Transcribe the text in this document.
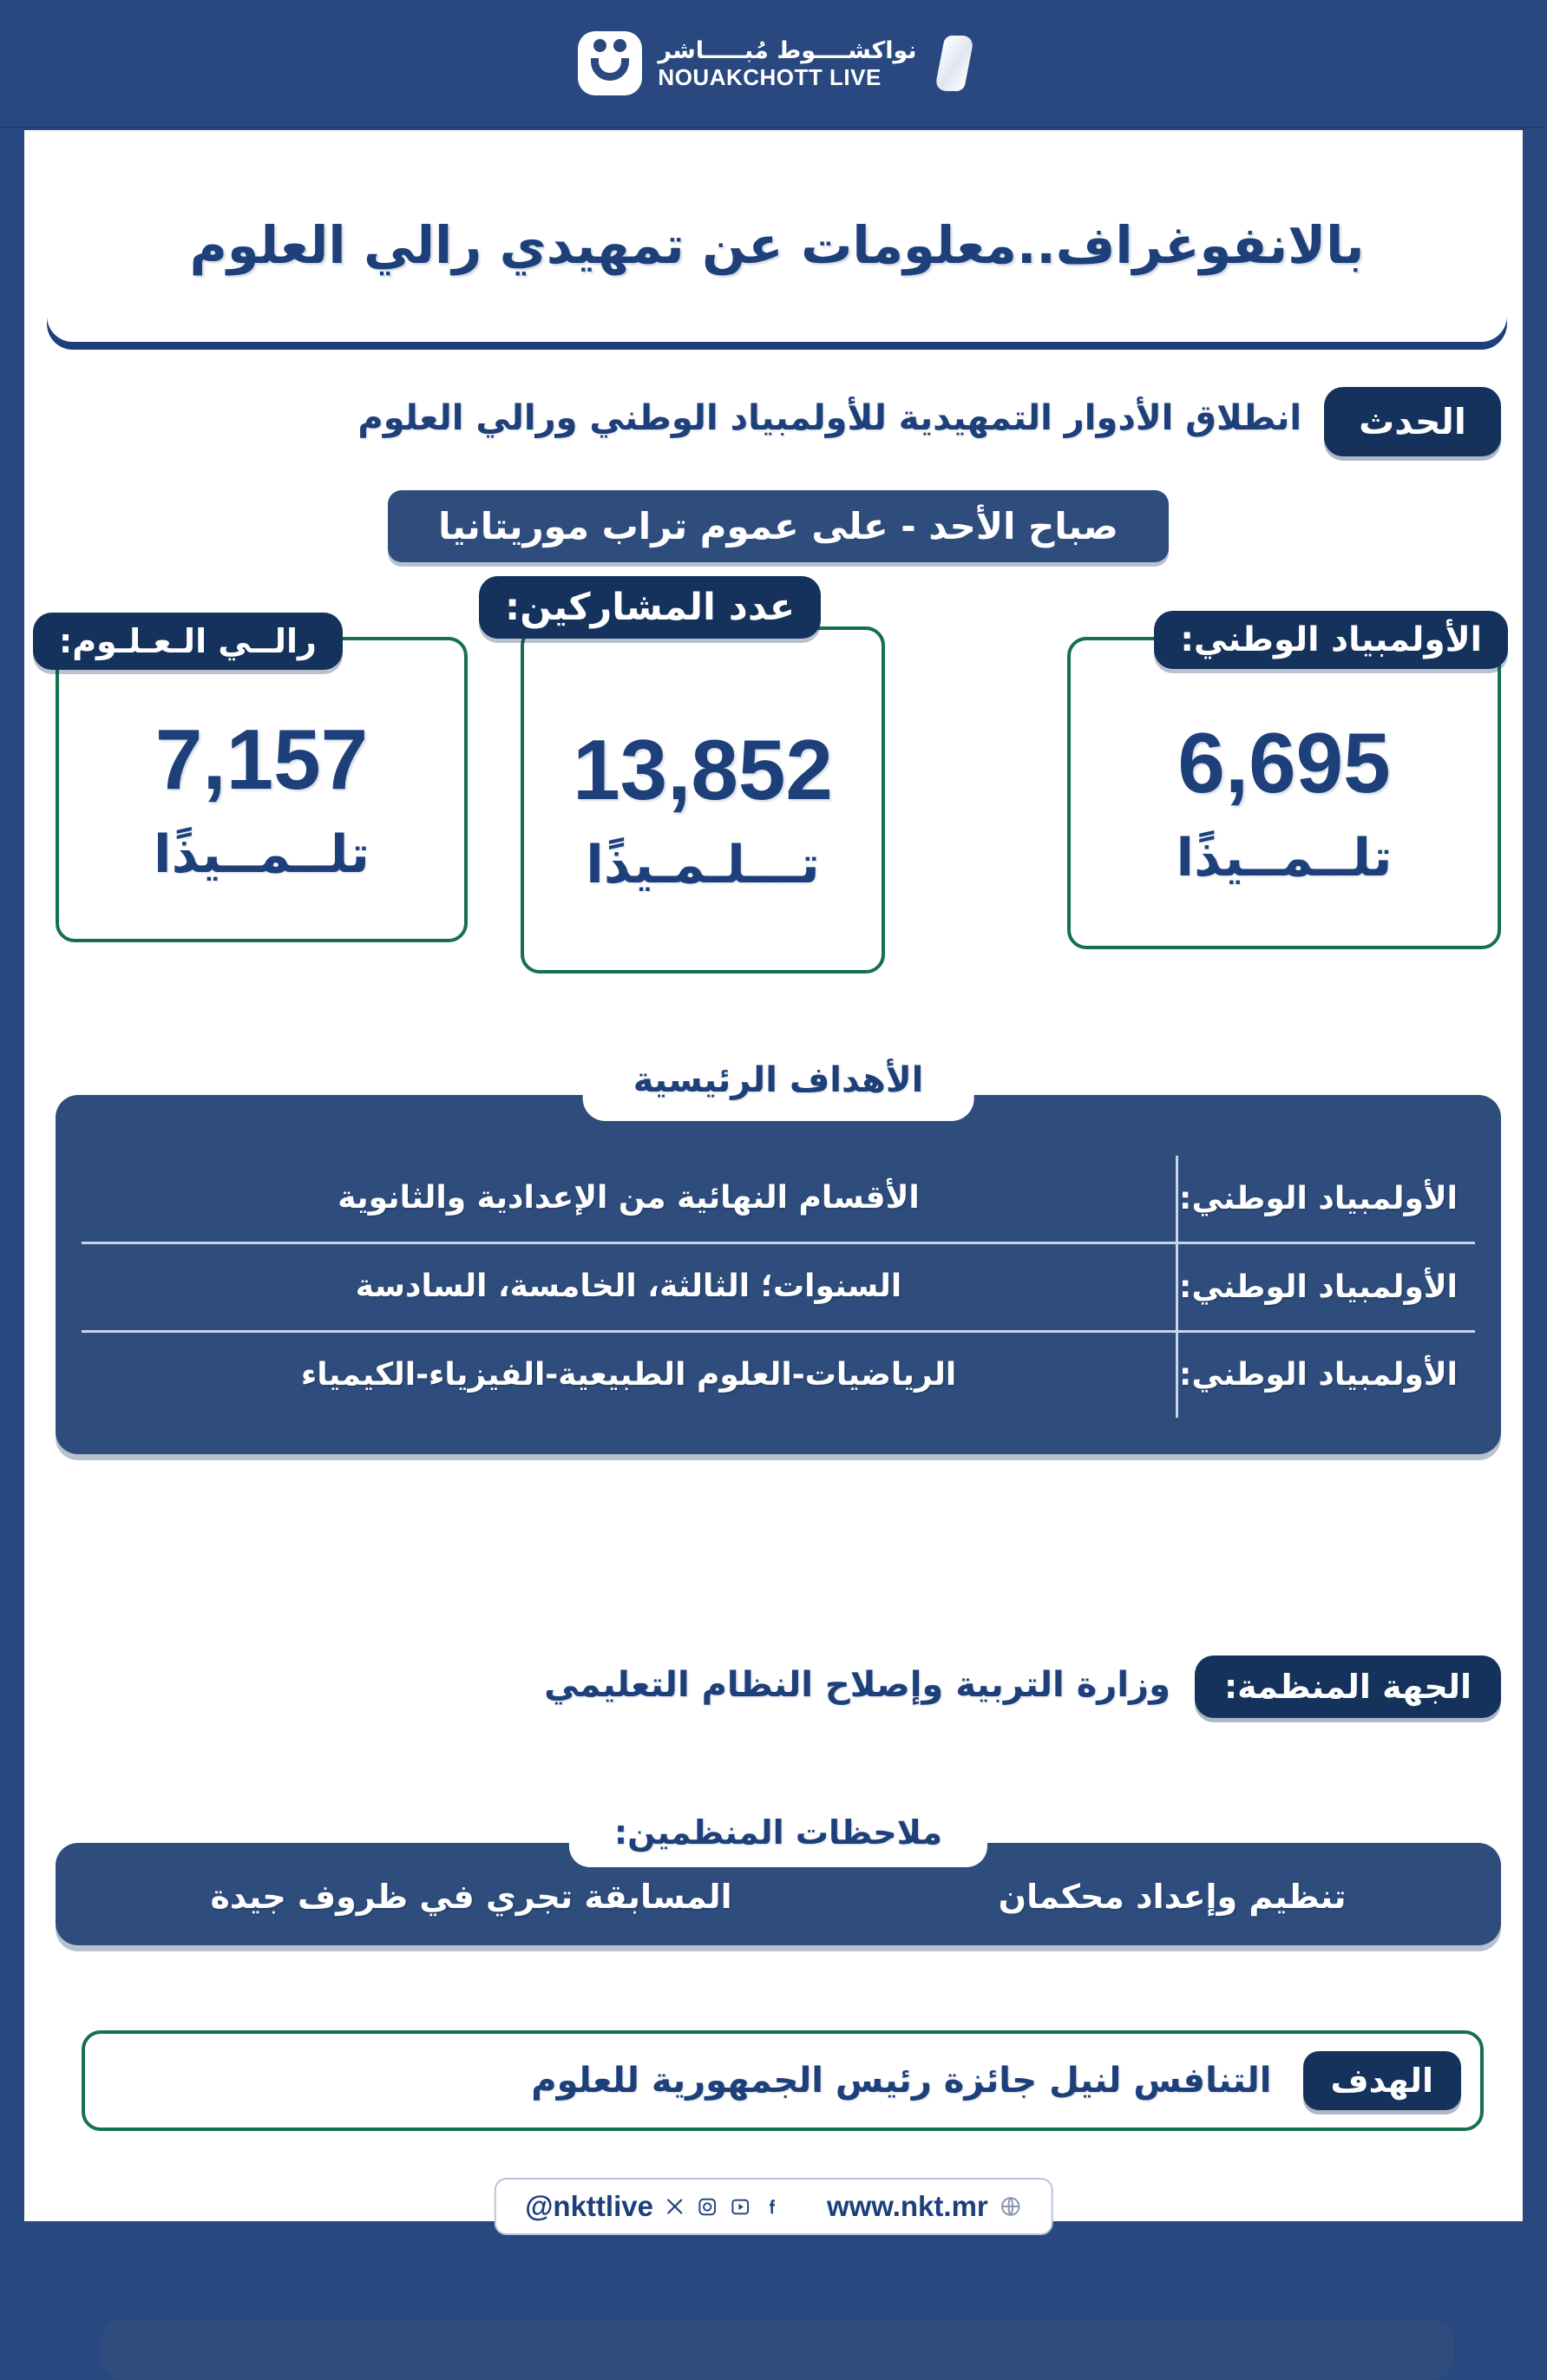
نواكشــــوط مُبـــــاشر
NOUAKCHOTT LIVE
بالانفوغراف..معلومات عن تمهيدي رالي العلوم
الحدث
انطلاق الأدوار التمهيدية للأولمبياد الوطني ورالي العلوم
صباح الأحد - على عموم تراب موريتانيا
الأولمبياد الوطني:
6,695
تلــمــيذًا
عدد المشاركين:
13,852
تـــلـمـيذًا
رالــي الـعـلـوم:
7,157
تلــمــيذًا
الأهداف الرئيسية
الأولمبياد الوطني:
الأقسام النهائية من الإعدادية والثانوية
الأولمبياد الوطني:
السنوات؛ الثالثة، الخامسة، السادسة
الأولمبياد الوطني:
الرياضيات-العلوم الطبيعية-الفيزياء-الكيمياء
الجهة المنظمة:
وزارة التربية وإصلاح النظام التعليمي
ملاحظات المنظمين:
تنظيم وإعداد محكمان
المسابقة تجري في ظروف جيدة
الهدف
التنافس لنيل جائزة رئيس الجمهورية للعلوم
www.nkt.mr
@nkttlive
